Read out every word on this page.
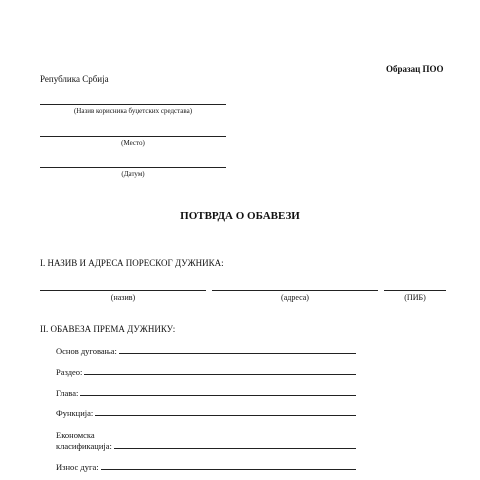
Образац ПОО
Република Србија
(Назив корисника буџетских средстава)
(Место)
(Датум)
ПОТВРДА О ОБАВЕЗИ
I. НАЗИВ И АДРЕСА ПОРЕСКОГ ДУЖНИКА:
(назив)	(адреса)	(ПИБ)
II. ОБАВЕЗА ПРЕМА ДУЖНИКУ:
Основ дуговања:
Раздео:
Глава:
Функција:
Економска
класификација:
Износ дуга:
